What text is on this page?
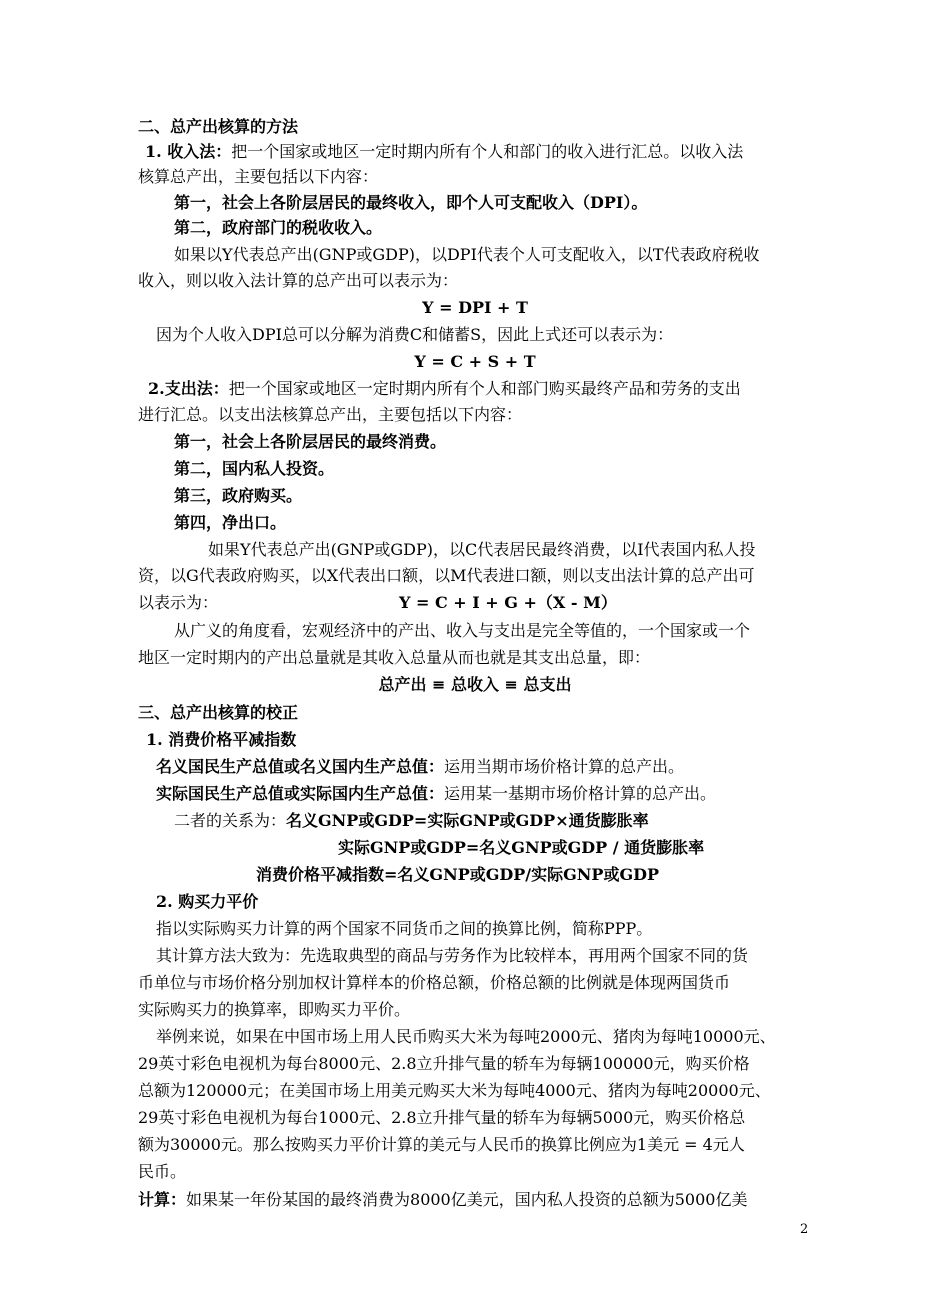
二、总产出核算的方法
1. 收入法：把一个国家或地区一定时期内所有个人和部门的收入进行汇总。以收入法
核算总产出，主要包括以下内容：
第一，社会上各阶层居民的最终收入，即个人可支配收入（DPI）。
第二，政府部门的税收收入。
如果以Y代表总产出(GNP或GDP)，以DPI代表个人可支配收入，以T代表政府税收
收入，则以收入法计算的总产出可以表示为：
Y = DPI + T
因为个人收入DPI总可以分解为消费C和储蓄S，因此上式还可以表示为：
Y = C + S + T
2.支出法：把一个国家或地区一定时期内所有个人和部门购买最终产品和劳务的支出
进行汇总。以支出法核算总产出，主要包括以下内容：
第一，社会上各阶层居民的最终消费。
第二，国内私人投资。
第三，政府购买。
第四，净出口。
如果Y代表总产出(GNP或GDP)，以C代表居民最终消费，以I代表国内私人投
资，以G代表政府购买，以X代表出口额，以M代表进口额，则以支出法计算的总产出可
以表示为：	Y = C + I + G +（X - M）
从广义的角度看，宏观经济中的产出、收入与支出是完全等值的，一个国家或一个
地区一定时期内的产出总量就是其收入总量从而也就是其支出总量，即：
总产出 ≡ 总收入 ≡ 总支出
三、总产出核算的校正
1. 消费价格平减指数
名义国民生产总值或名义国内生产总值：运用当期市场价格计算的总产出。
实际国民生产总值或实际国内生产总值：运用某一基期市场价格计算的总产出。
二者的关系为：名义GNP或GDP=实际GNP或GDP×通货膨胀率
实际GNP或GDP=名义GNP或GDP / 通货膨胀率
消费价格平减指数=名义GNP或GDP/实际GNP或GDP
2. 购买力平价
指以实际购买力计算的两个国家不同货币之间的换算比例，简称PPP。
其计算方法大致为：先选取典型的商品与劳务作为比较样本，再用两个国家不同的货
币单位与市场价格分别加权计算样本的价格总额，价格总额的比例就是体现两国货币
实际购买力的换算率，即购买力平价。
举例来说，如果在中国市场上用人民币购买大米为每吨2000元、猪肉为每吨10000元、
29英寸彩色电视机为每台8000元、2.8立升排气量的轿车为每辆100000元，购买价格
总额为120000元；在美国市场上用美元购买大米为每吨4000元、猪肉为每吨20000元、
29英寸彩色电视机为每台1000元、2.8立升排气量的轿车为每辆5000元，购买价格总
额为30000元。那么按购买力平价计算的美元与人民币的换算比例应为1美元 = 4元人
民币。
计算：如果某一年份某国的最终消费为8000亿美元，国内私人投资的总额为5000亿美
2
